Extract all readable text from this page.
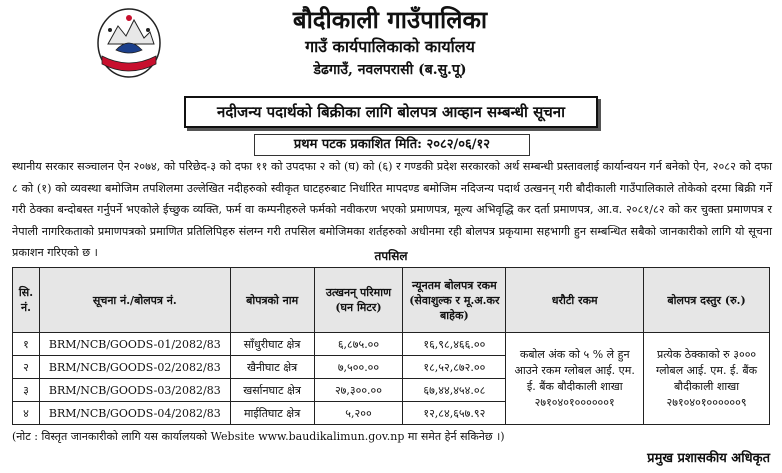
बौदीकाली गाउँपालिका
गाउँ कार्यपालिकाको कार्यालय
डेढगाउँ, नवलपरासी (ब.सु.पू)
नदीजन्य पदार्थको बिक्रीका लागि बोलपत्र आव्हान सम्बन्धी सूचना
प्रथम पटक प्रकाशित मिति: २०८२/०६/१२
स्थानीय सरकार सञ्चालन ऐन २०७४, को परिछेद-३ को दफा ११ को उपदफा २ को (घ) को (६) र गण्डकी प्रदेश सरकारको अर्थ सम्बन्धी प्रस्तावलाई कार्यान्वयन गर्न बनेको ऐन, २०८२ को दफा ८ को (१) को व्यवस्था बमोजिम तपशिलमा उल्लेखित नदीहरुको स्वीकृत घाटहरुबाट निर्धारित मापदण्ड बमोजिम नदिजन्य पदार्थ उत्खनन् गरी बौदीकाली गाउँपालिकाले तोकेको दरमा बिक्री गर्ने गरी ठेक्का बन्दोबस्त गर्नुपर्ने भएकोले ईच्छुक व्यक्ति, फर्म वा कम्पनीहरुले फर्मको नवीकरण भएको प्रमाणपत्र, मूल्य अभिवृद्धि कर दर्ता प्रमाणपत्र, आ.व. २०८१/८२ को कर चुक्ता प्रमाणपत्र र नेपाली नागरिकताको प्रमाणपत्रको प्रमाणित प्रतिलिपिहरु संलग्न गरी तपसिल बमोजिमका शर्तहरुको अधीनमा रही बोलपत्र प्रकृयामा सहभागी हुन सम्बन्धित सबैको जानकारीको लागि यो सूचना प्रकाशन गरिएको छ ।	तपसिल
सि. नं.	सूचना नं./बोलपत्र नं.	बोपत्रको नाम	उत्खनन् परिमाण (घन मिटर)	न्यूनतम बोलपत्र रकम (सेवाशुल्क र मू.अ.कर बाहेक)	धरौटी रकम	बोलपत्र दस्तुर (रु.)
१	BRM/NCB/GOODS-01/2082/83	साँधुरीघाट क्षेत्र	६,८७५.००	१६,९८,४६६.००	कबोल अंक को ५ % ले हुन आउने रकम ग्लोबल आई. एम. ई. बैंक बौदीकाली शाखा २७१०४०१००००००१	प्रत्येक ठेक्काको रु ३००० ग्लोबल आई. एम. ई. बैंक बौदीकाली शाखा २७१०४०१००००००९
२	BRM/NCB/GOODS-02/2082/83	खैनीघाट क्षेत्र	७,५००.००	१८,५२,८७२.००		
३	BRM/NCB/GOODS-03/2082/83	खर्सानघाट क्षेत्र	२७,३००.००	६७,४४,४५४.०८		
४	BRM/NCB/GOODS-04/2082/83	माईतिघाट क्षेत्र	५,२००	१२,८४,६५७.९२		
(नोट : विस्तृत जानकारीको लागि यस कार्यालयको Website www.baudikalimun.gov.np मा समेत हेर्न सकिनेछ ।)
प्रमुख प्रशासकीय अधिकृत
